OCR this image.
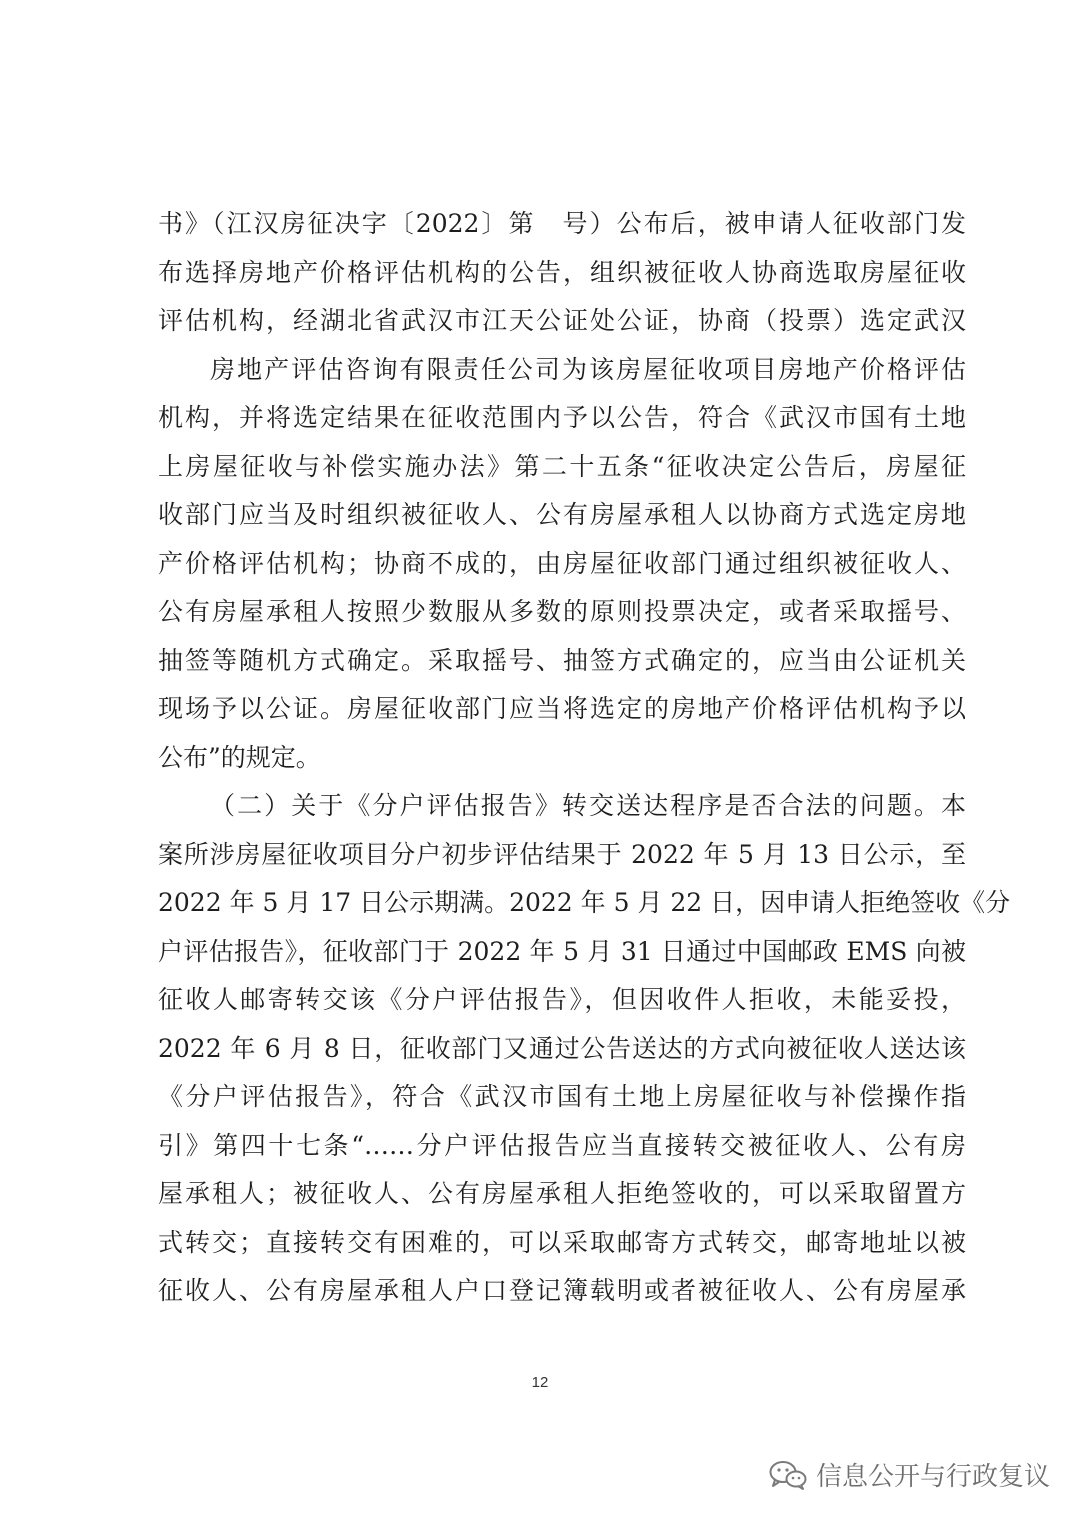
书》（江汉房征决字〔2022〕第　号）公布后，被申请人征收部门发
布选择房地产价格评估机构的公告，组织被征收人协商选取房屋征收
评估机构，经湖北省武汉市江天公证处公证，协商（投票）选定武汉
房地产评估咨询有限责任公司为该房屋征收项目房地产价格评估
机构，并将选定结果在征收范围内予以公告，符合《武汉市国有土地
上房屋征收与补偿实施办法》第二十五条“征收决定公告后，房屋征
收部门应当及时组织被征收人、公有房屋承租人以协商方式选定房地
产价格评估机构；协商不成的，由房屋征收部门通过组织被征收人、
公有房屋承租人按照少数服从多数的原则投票决定，或者采取摇号、
抽签等随机方式确定。采取摇号、抽签方式确定的，应当由公证机关
现场予以公证。房屋征收部门应当将选定的房地产价格评估机构予以
公布”的规定。
（二）关于《分户评估报告》转交送达程序是否合法的问题。本
案所涉房屋征收项目分户初步评估结果于 2022 年 5 月 13 日公示，至
2022 年 5 月 17 日公示期满。2022 年 5 月 22 日，因申请人拒绝签收《分
户评估报告》，征收部门于 2022 年 5 月 31 日通过中国邮政 EMS 向被
征收人邮寄转交该《分户评估报告》，但因收件人拒收，未能妥投，
2022 年 6 月 8 日，征收部门又通过公告送达的方式向被征收人送达该
《分户评估报告》，符合《武汉市国有土地上房屋征收与补偿操作指
引》第四十七条“……分户评估报告应当直接转交被征收人、公有房
屋承租人；被征收人、公有房屋承租人拒绝签收的，可以采取留置方
式转交；直接转交有困难的，可以采取邮寄方式转交，邮寄地址以被
征收人、公有房屋承租人户口登记簿载明或者被征收人、公有房屋承
12
信息公开与行政复议
